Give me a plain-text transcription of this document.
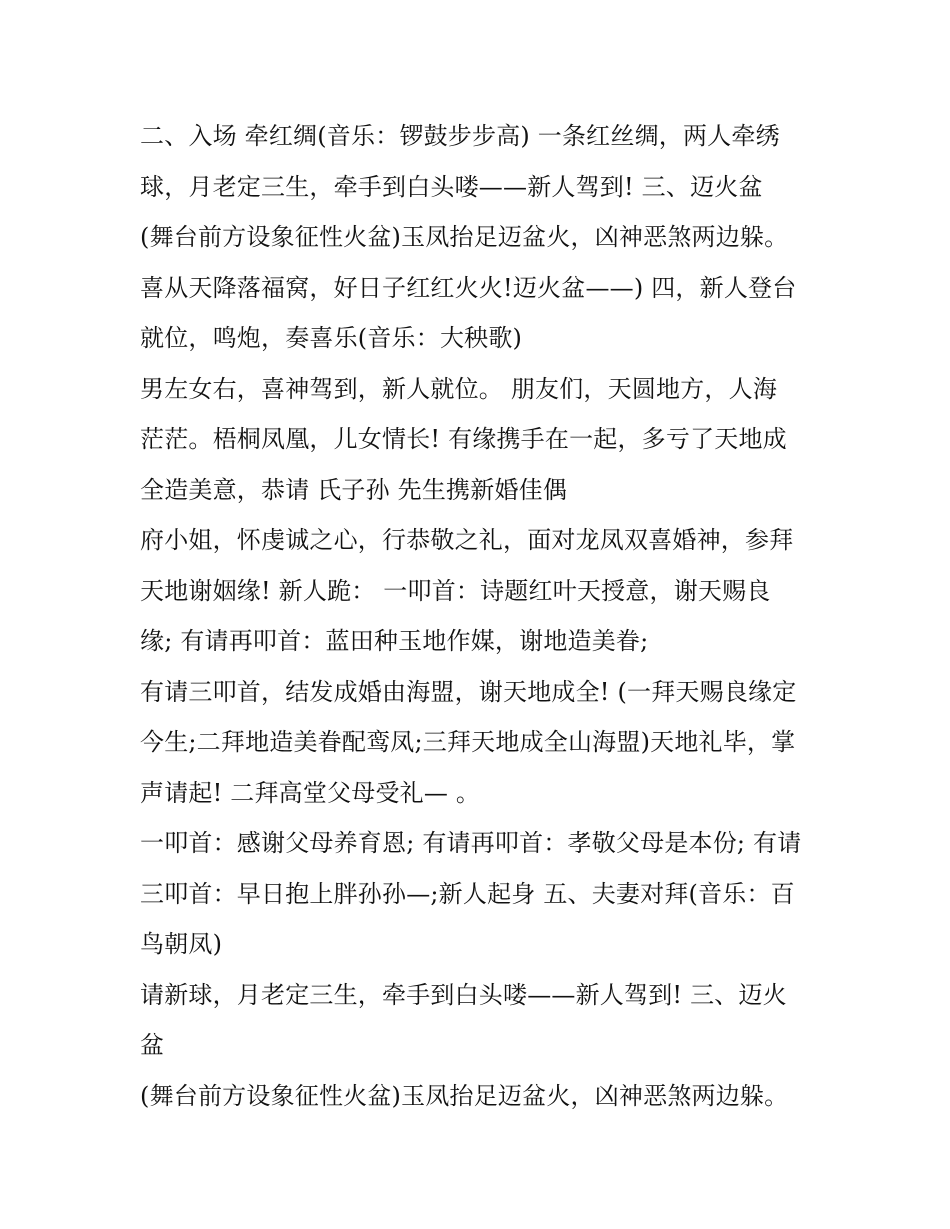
二、入场 牵红绸(音乐：锣鼓步步高) 一条红丝绸，两人牵绣
球，月老定三生，牵手到白头喽——新人驾到! 三、迈火盆
(舞台前方设象征性火盆)玉凤抬足迈盆火，凶神恶煞两边躲。
喜从天降落福窝，好日子红红火火!迈火盆——) 四，新人登台
就位，鸣炮，奏喜乐(音乐：大秧歌)
男左女右，喜神驾到，新人就位。 朋友们，天圆地方，人海
茫茫。梧桐凤凰，儿女情长! 有缘携手在一起，多亏了天地成
全造美意，恭请 氏子孙 先生携新婚佳偶
府小姐，怀虔诚之心，行恭敬之礼，面对龙凤双喜婚神，参拜
天地谢姻缘! 新人跪： 一叩首：诗题红叶天授意，谢天赐良
缘; 有请再叩首：蓝田种玉地作媒，谢地造美眷;
有请三叩首，结发成婚由海盟，谢天地成全! (一拜天赐良缘定
今生;二拜地造美眷配鸾凤;三拜天地成全山海盟)天地礼毕，掌
声请起! 二拜高堂父母受礼— 。
一叩首：感谢父母养育恩; 有请再叩首：孝敬父母是本份; 有请
三叩首：早日抱上胖孙孙—;新人起身 五、夫妻对拜(音乐：百
鸟朝凤)
请新球，月老定三生，牵手到白头喽——新人驾到! 三、迈火
盆
(舞台前方设象征性火盆)玉凤抬足迈盆火，凶神恶煞两边躲。
